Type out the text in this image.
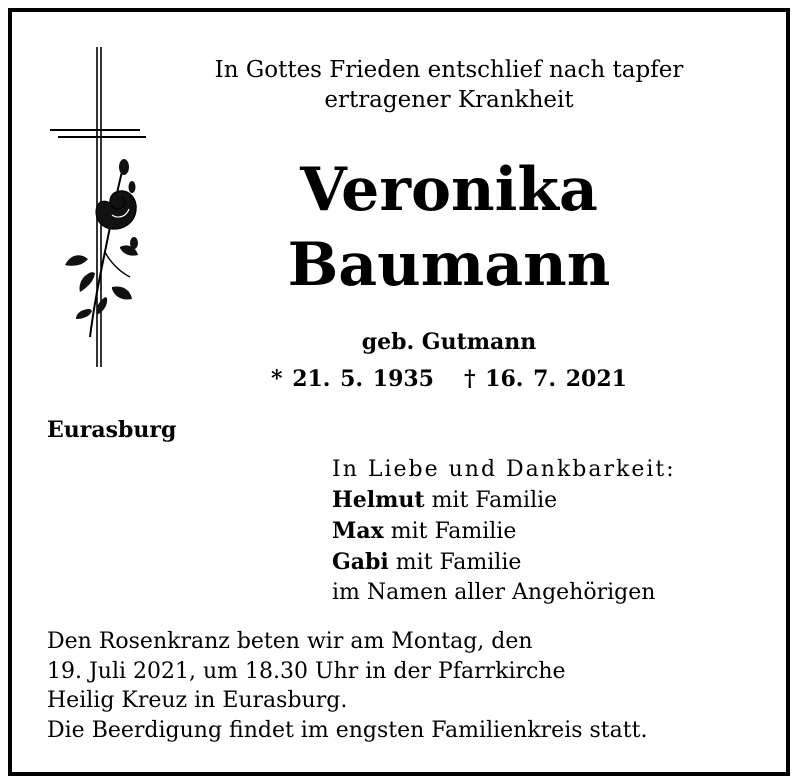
In Gottes Frieden entschlief nach tapfer
ertragener Krankheit
Veronika
Baumann
geb. Gutmann
* 21. 5. 1935 † 16. 7. 2021
Eurasburg
In Liebe und Dankbarkeit:
Helmut mit Familie
Max mit Familie
Gabi mit Familie
im Namen aller Angehörigen
Den Rosenkranz beten wir am Montag, den
19. Juli 2021, um 18.30 Uhr in der Pfarrkirche
Heilig Kreuz in Eurasburg.
Die Beerdigung findet im engsten Familienkreis statt.
